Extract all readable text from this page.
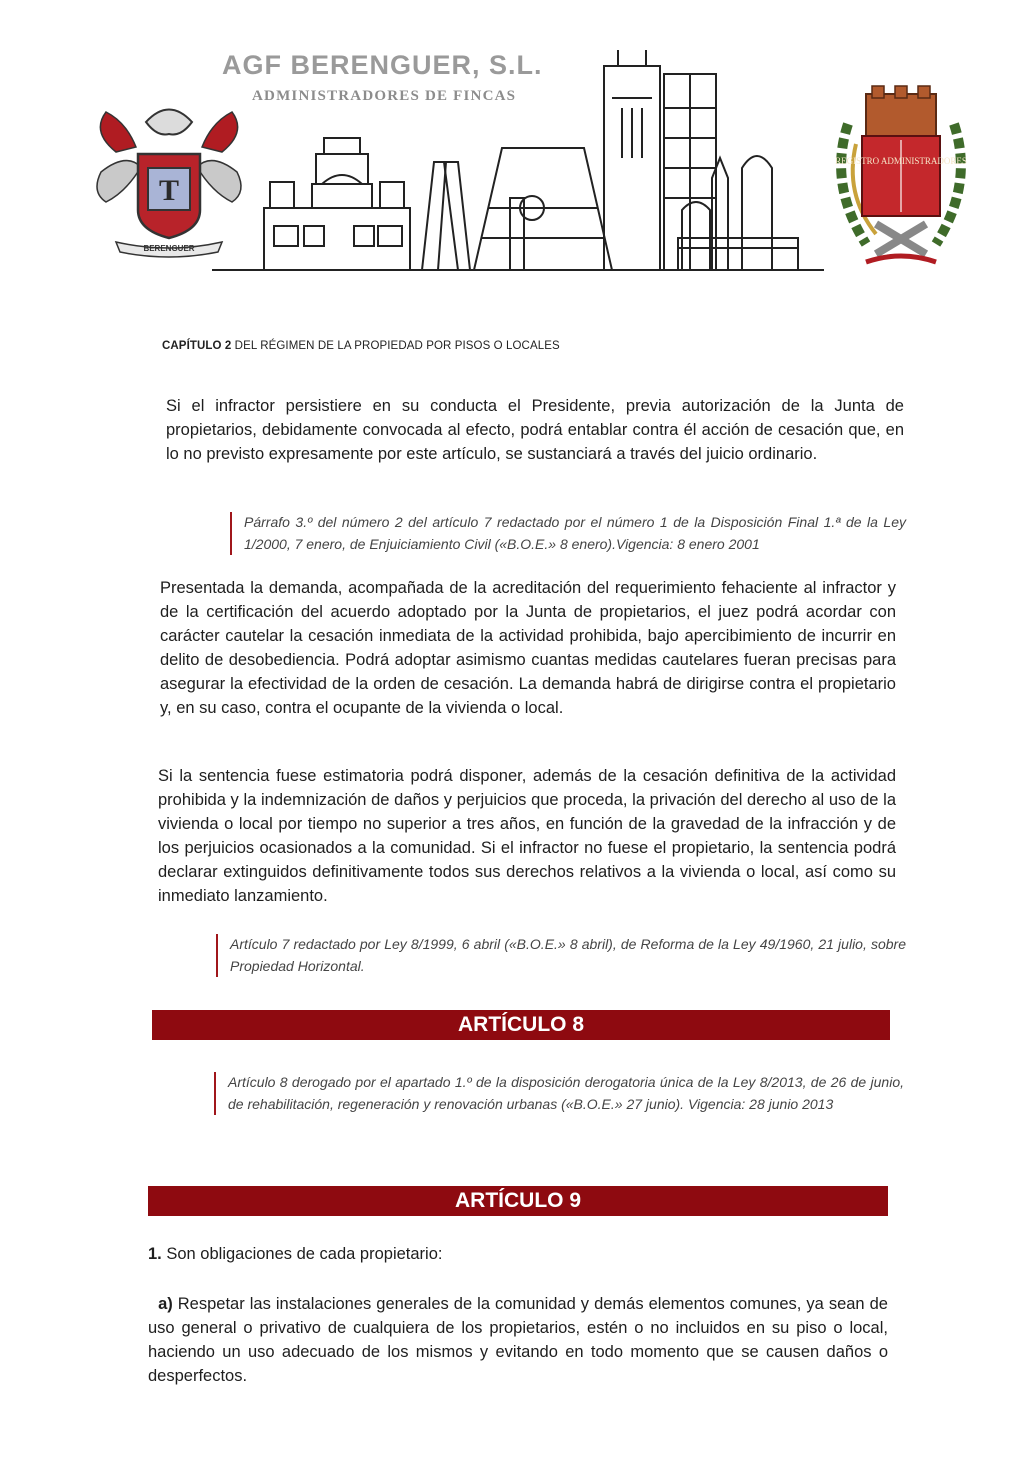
AGF BERENGUER, S.L.
ADMINISTRADORES DE FINCAS
T
BERENGUER
REGISTRO ADMINISTRADORES
CAPÍTULO 2 DEL RÉGIMEN DE LA PROPIEDAD POR PISOS O LOCALES
Si el infractor persistiere en su conducta el Presidente, previa autorización de la Junta de propietarios, debidamente convocada al efecto, podrá entablar contra él acción de cesación que, en lo no previsto expresamente por este artículo, se sustanciará a través del juicio ordinario.
Párrafo 3.º del número 2 del artículo 7 redactado por el número 1 de la Disposición Final 1.ª de la Ley 1/2000, 7 enero, de Enjuiciamiento Civil («B.O.E.» 8 enero).Vigencia: 8 enero 2001
Presentada la demanda, acompañada de la acreditación del requerimiento fehaciente al infractor y de la certificación del acuerdo adoptado por la Junta de propietarios, el juez podrá acordar con carácter cautelar la cesación inmediata de la actividad prohibida, bajo apercibimiento de incurrir en delito de desobediencia. Podrá adoptar asimismo cuantas medidas cautelares fueran precisas para asegurar la efectividad de la orden de cesación. La demanda habrá de dirigirse contra el propietario y, en su caso, contra el ocupante de la vivienda o local.
Si la sentencia fuese estimatoria podrá disponer, además de la cesación definitiva de la actividad prohibida y la indemnización de daños y perjuicios que proceda, la privación del derecho al uso de la vivienda o local por tiempo no superior a tres años, en función de la gravedad de la infracción y de los perjuicios ocasionados a la comunidad. Si el infractor no fuese el propietario, la sentencia podrá declarar extinguidos definitivamente todos sus derechos relativos a la vivienda o local, así como su inmediato lanzamiento.
Artículo 7 redactado por Ley 8/1999, 6 abril («B.O.E.» 8 abril), de Reforma de la Ley 49/1960, 21 julio, sobre Propiedad Horizontal.
ARTÍCULO 8
Artículo 8 derogado por el apartado 1.º de la disposición derogatoria única de la Ley 8/2013, de 26 de junio, de rehabilitación, regeneración y renovación urbanas («B.O.E.» 27 junio). Vigencia: 28 junio 2013
ARTÍCULO 9
1. Son obligaciones de cada propietario:
a) Respetar las instalaciones generales de la comunidad y demás elementos comunes, ya sean de uso general o privativo de cualquiera de los propietarios, estén o no incluidos en su piso o local, haciendo un uso adecuado de los mismos y evitando en todo momento que se causen daños o desperfectos.
